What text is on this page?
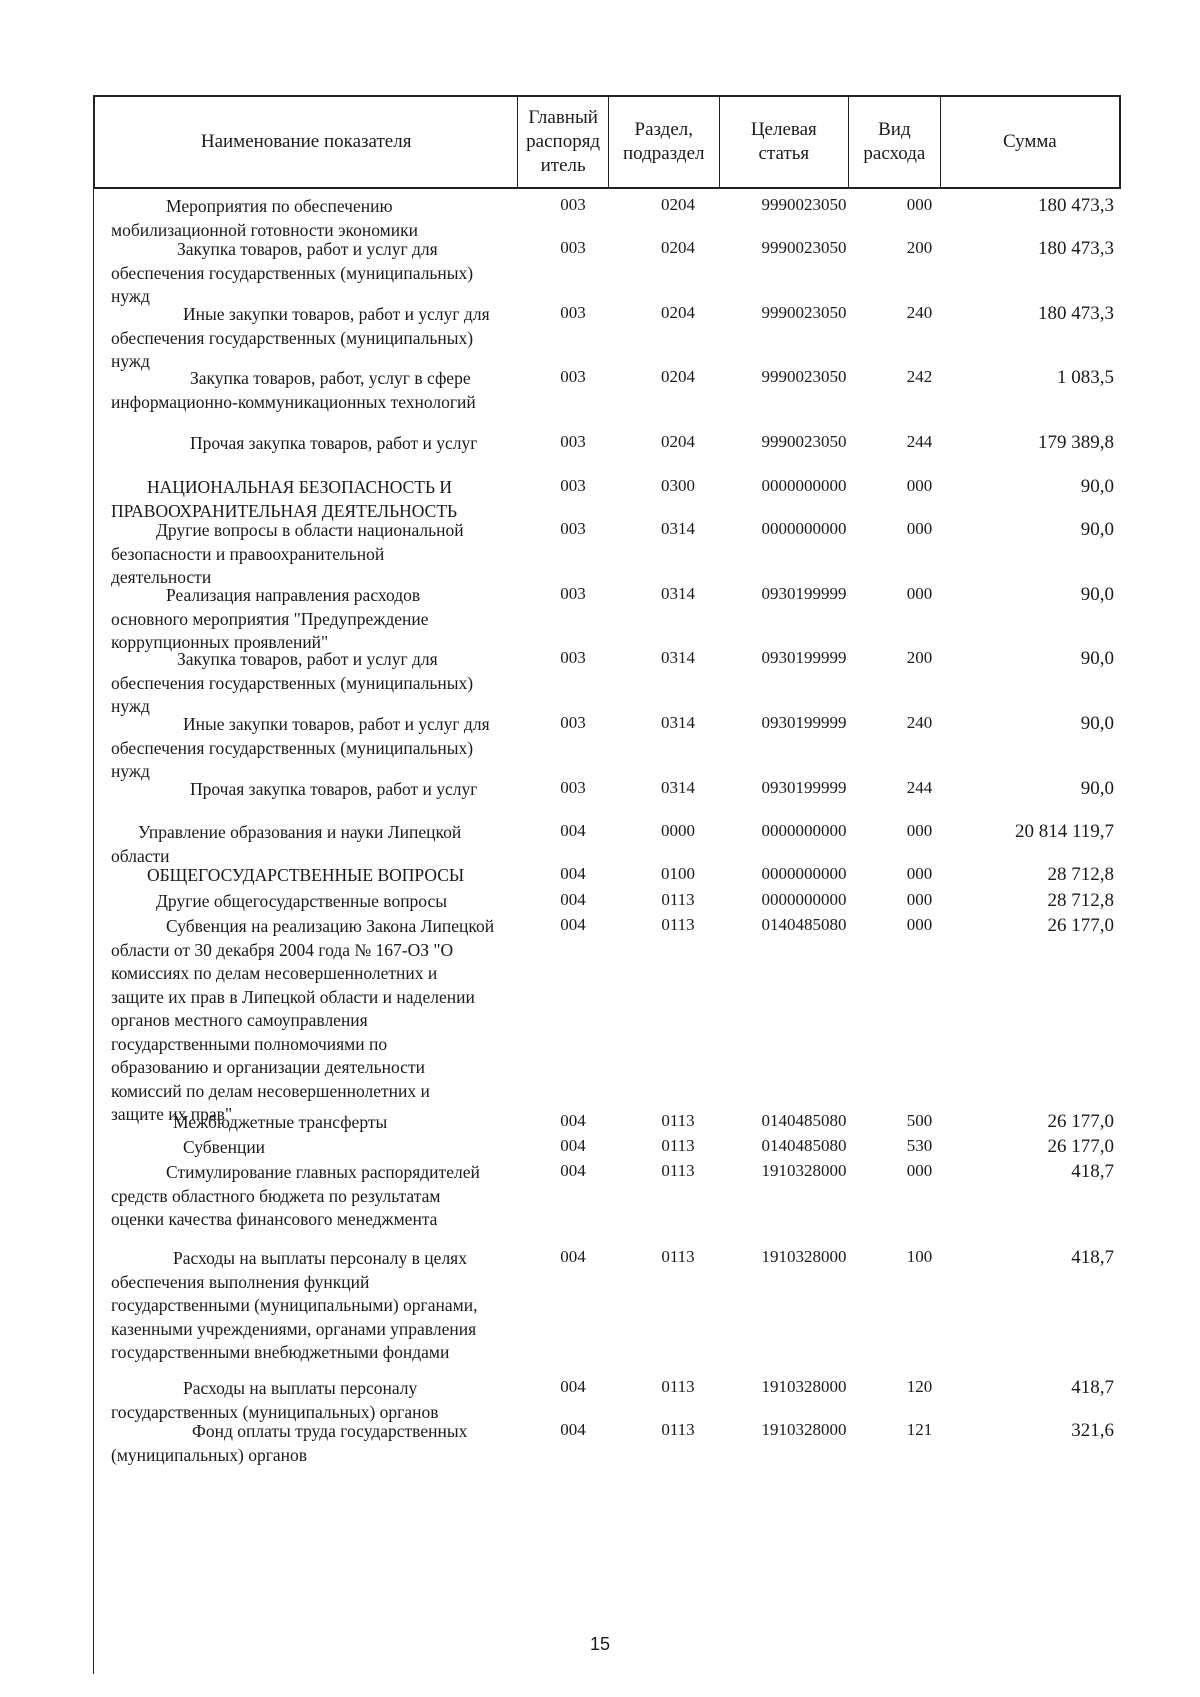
Наименование показателя
Главный
распоряд
итель
Раздел,
подраздел
Целевая
статья
Вид
расхода
Сумма
Мероприятия по обеспечению
мобилизационной готовности экономики
003	0204	9990023050	000	180 473,3
Закупка товаров, работ и услуг для
обеспечения государственных (муниципальных)
нужд
003	0204	9990023050	200	180 473,3
Иные закупки товаров, работ и услуг для
обеспечения государственных (муниципальных)
нужд
003	0204	9990023050	240	180 473,3
Закупка товаров, работ, услуг в сфере
информационно-коммуникационных технологий
003	0204	9990023050	242	1 083,5
Прочая закупка товаров, работ и услуг	003	0204	9990023050	244	179 389,8
НАЦИОНАЛЬНАЯ БЕЗОПАСНОСТЬ И
ПРАВООХРАНИТЕЛЬНАЯ ДЕЯТЕЛЬНОСТЬ
003	0300	0000000000	000	90,0
Другие вопросы в области национальной
безопасности и правоохранительной
деятельности
003	0314	0000000000	000	90,0
Реализация направления расходов
основного мероприятия "Предупреждение
коррупционных проявлений"
003	0314	0930199999	000	90,0
Закупка товаров, работ и услуг для
обеспечения государственных (муниципальных)
нужд
003	0314	0930199999	200	90,0
Иные закупки товаров, работ и услуг для
обеспечения государственных (муниципальных)
нужд
003	0314	0930199999	240	90,0
Прочая закупка товаров, работ и услуг	003	0314	0930199999	244	90,0
Управление образования и науки Липецкой
области
004	0000	0000000000	000	20 814 119,7
ОБЩЕГОСУДАРСТВЕННЫЕ ВОПРОСЫ	004	0100	0000000000	000	28 712,8
Другие общегосударственные вопросы	004	0113	0000000000	000	28 712,8
Субвенция на реализацию Закона Липецкой
области от 30 декабря 2004 года № 167-ОЗ "О
комиссиях по делам несовершеннолетних и
защите их прав в Липецкой области и наделении
органов местного самоуправления
государственными полномочиями по
образованию и организации деятельности
комиссий по делам несовершеннолетних и
защите их прав"
004	0113	0140485080	000	26 177,0
Межбюджетные трансферты	004	0113	0140485080	500	26 177,0
Субвенции	004	0113	0140485080	530	26 177,0
Стимулирование главных распорядителей
средств областного бюджета по результатам
оценки качества финансового менеджмента
004	0113	1910328000	000	418,7
Расходы на выплаты персоналу в целях
обеспечения выполнения функций
государственными (муниципальными) органами,
казенными учреждениями, органами управления
государственными внебюджетными фондами
004	0113	1910328000	100	418,7
Расходы на выплаты персоналу
государственных (муниципальных) органов
004	0113	1910328000	120	418,7
Фонд оплаты труда государственных
(муниципальных) органов
004	0113	1910328000	121	321,6
15
